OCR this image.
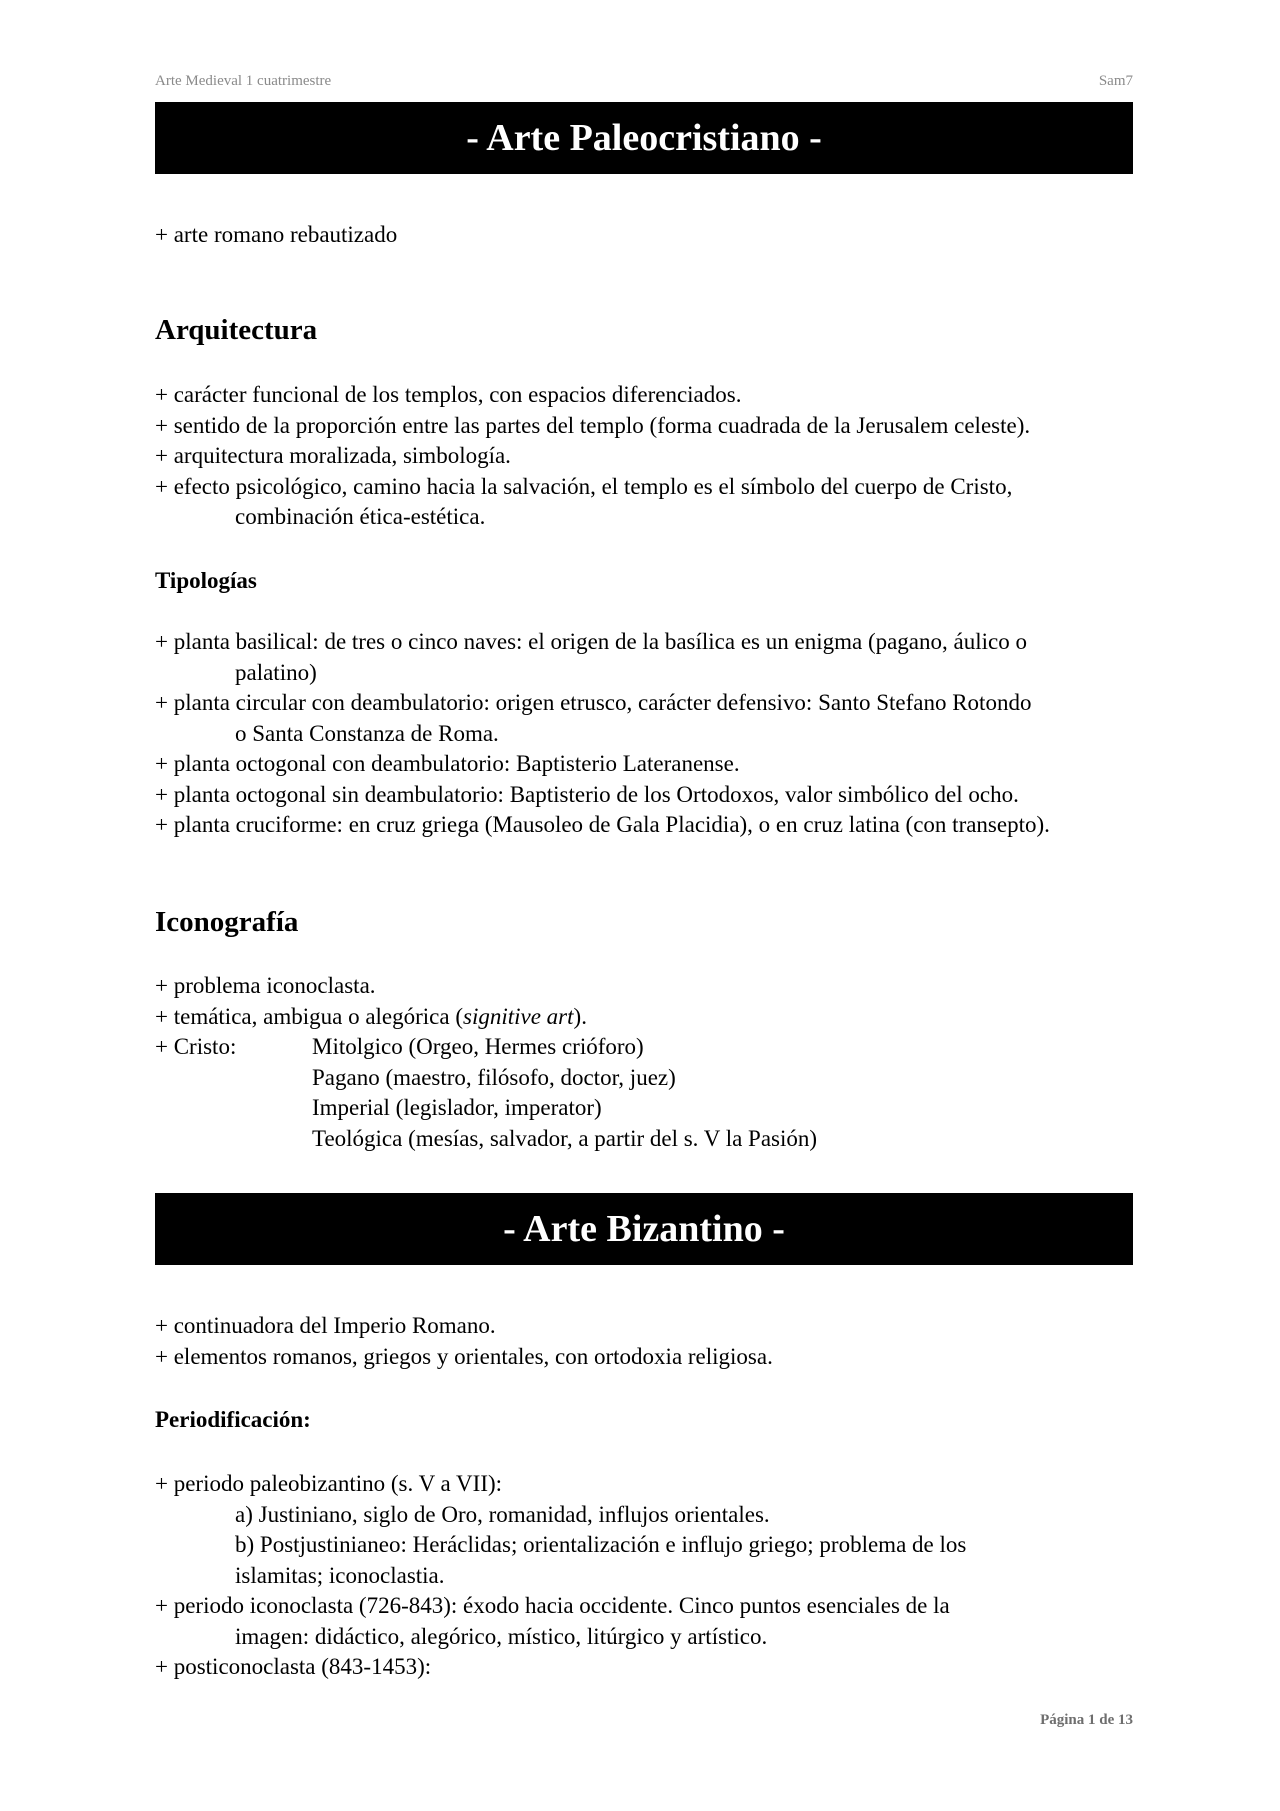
Arte Medieval 1 cuatrimestre	Sam7
- Arte Paleocristiano -
+ arte romano rebautizado
Arquitectura
+ carácter funcional de los templos, con espacios diferenciados.
+ sentido de la proporción entre las partes del templo (forma cuadrada de la Jerusalem celeste).
+ arquitectura moralizada, simbología.
+ efecto psicológico, camino hacia la salvación, el templo es el símbolo del cuerpo de Cristo,
combinación ética-estética.
Tipologías
+ planta basilical: de tres o cinco naves: el origen de la basílica es un enigma (pagano, áulico o
palatino)
+ planta circular con deambulatorio: origen etrusco, carácter defensivo: Santo Stefano Rotondo
o Santa Constanza de Roma.
+ planta octogonal con deambulatorio: Baptisterio Lateranense.
+ planta octogonal sin deambulatorio: Baptisterio de los Ortodoxos, valor simbólico del ocho.
+ planta cruciforme: en cruz griega (Mausoleo de Gala Placidia), o en cruz latina (con transepto).
Iconografía
+ problema iconoclasta.
+ temática, ambigua o alegórica (signitive art).
+ Cristo:	Mitolgico (Orgeo, Hermes crióforo)
Pagano (maestro, filósofo, doctor, juez)
Imperial (legislador, imperator)
Teológica (mesías, salvador, a partir del s. V la Pasión)
- Arte Bizantino -
+ continuadora del Imperio Romano.
+ elementos romanos, griegos y orientales, con ortodoxia religiosa.
Periodificación:
+ periodo paleobizantino (s. V a VII):
a) Justiniano, siglo de Oro, romanidad, influjos orientales.
b) Postjustinianeo: Heráclidas; orientalización e influjo griego; problema de los
islamitas; iconoclastia.
+ periodo iconoclasta (726-843): éxodo hacia occidente. Cinco puntos esenciales de la
imagen: didáctico, alegórico, místico, litúrgico y artístico.
+ posticonoclasta (843-1453):
Página 1 de 13
